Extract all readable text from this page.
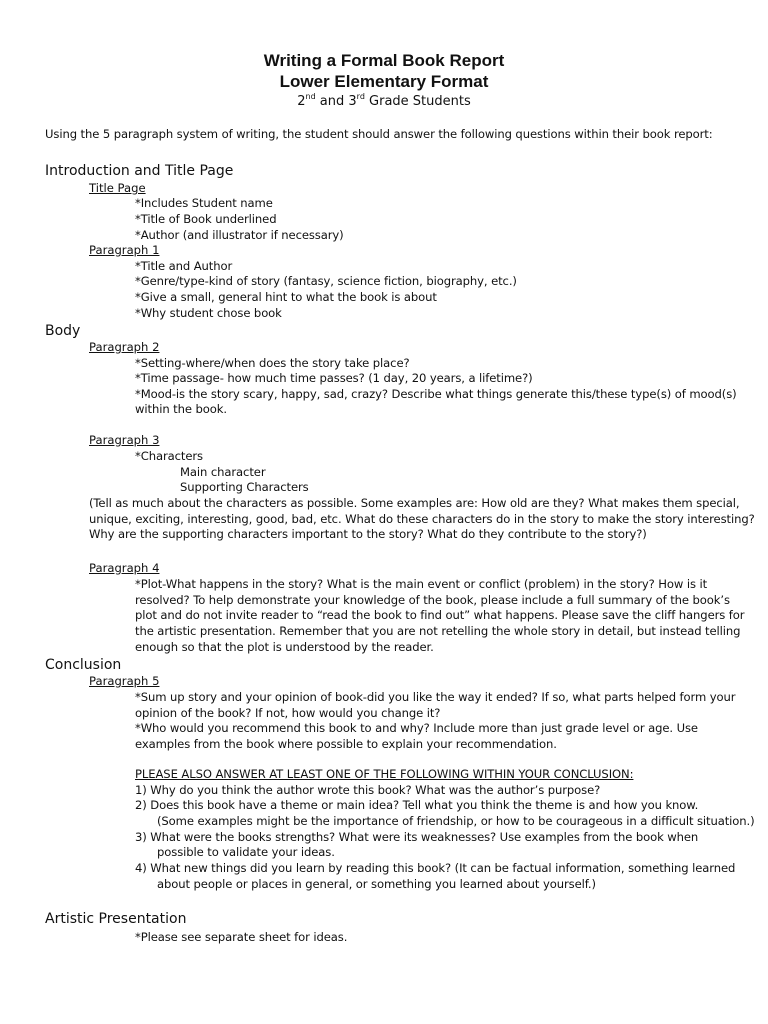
Writing a Formal Book Report
Lower Elementary Format
2nd and 3rd Grade Students
Using the 5 paragraph system of writing, the student should answer the following questions within their book report:
Introduction and Title Page
Title Page
*Includes Student name
*Title of Book underlined
*Author (and illustrator if necessary)
Paragraph 1
*Title and Author
*Genre/type-kind of story (fantasy, science fiction, biography, etc.)
*Give a small, general hint to what the book is about
*Why student chose book
Body
Paragraph 2
*Setting-where/when does the story take place?
*Time passage- how much time passes? (1 day, 20 years, a lifetime?)
*Mood-is the story scary, happy, sad, crazy? Describe what things generate this/these type(s) of mood(s)
within the book.
Paragraph 3
*Characters
Main character
Supporting Characters
(Tell as much about the characters as possible. Some examples are: How old are they? What makes them special,
unique, exciting, interesting, good, bad, etc. What do these characters do in the story to make the story interesting?
Why are the supporting characters important to the story? What do they contribute to the story?)
Paragraph 4
*Plot-What happens in the story? What is the main event or conflict (problem) in the story? How is it
resolved? To help demonstrate your knowledge of the book, please include a full summary of the book’s
plot and do not invite reader to “read the book to find out” what happens. Please save the cliff hangers for
the artistic presentation. Remember that you are not retelling the whole story in detail, but instead telling
enough so that the plot is understood by the reader.
Conclusion
Paragraph 5
*Sum up story and your opinion of book-did you like the way it ended? If so, what parts helped form your
opinion of the book? If not, how would you change it?
*Who would you recommend this book to and why? Include more than just grade level or age. Use
examples from the book where possible to explain your recommendation.
PLEASE ALSO ANSWER AT LEAST ONE OF THE FOLLOWING WITHIN YOUR CONCLUSION:
1) Why do you think the author wrote this book? What was the author’s purpose?
2) Does this book have a theme or main idea? Tell what you think the theme is and how you know.
(Some examples might be the importance of friendship, or how to be courageous in a difficult situation.)
3) What were the books strengths? What were its weaknesses? Use examples from the book when
possible to validate your ideas.
4) What new things did you learn by reading this book? (It can be factual information, something learned
about people or places in general, or something you learned about yourself.)
Artistic Presentation
*Please see separate sheet for ideas.
